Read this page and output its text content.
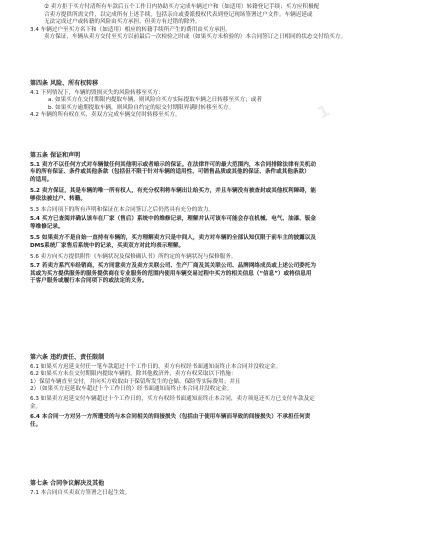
1

② 卖方拒于买方付清所有车款后五个工作日内协助买方完成车辆过户和（如适用）转籍登记手续；买方应积极配

合卖方提供所需文件，以完成所有上述手续，包括亲自或委派授权代表到登记现场签署过户文件。车辆迟延或

无法完成过户或转籍的风险由买方承担，但卖方有过错的除外。

3.4 车辆过户至买方名下和（如适用）相应的转籍手续所产生的费用由买方承担。

卖方保证，车辆从卖方交付至买方以前最后一次检验之时或（如果买方未检验的）本合同签订之日相同的状态交付给买方。

第四条 风险、所有权转移

4.1 下列情况下，车辆的毁损灭失的风险转移至买方：

a. 如果买方在交付期限内提取车辆，则风险自买方实际提取车辆之日转移至买方；或者

b. 如果买方逾期提取车辆，则风险自约定的原交付期限界满时转移至买方。

4.2 车辆的所有权在买、卖双方完成车辆交付时转移至买方。

第五条 保证和声明

5.1 卖方不以任何方式对车辆做任何其他明示或者暗示的保证。在法律许可的最大范围内，本合同排除法律有关机动

车的所有保证、条件或其他条款（包括但不限于针对车辆的适用性、可销售品质或其他的保证、条件或其他条款）

的适用。

5.2 卖方保证，其是车辆的唯一所有权人，有充分权利将车辆出让给买方，并且车辆没有被查封或其他权利障碍，能

够依法被过户、转籍。

5.3 本合同项下的所有声明和保证在本合同签订之后仍然具有充分的效力。

5.4 买方已查阅并确认该车在厂家（售后）系统中的维修记录，理解并认可该车可能会存在机械、电气、油漆、钣金

等维修记录。

5.5 如果卖方不是自始一直持有车辆的，买方理解卖方只是中间人，卖方对车辆的全部认知仅限于前车主的披露以及

DMS系统厂家售后系统中的记录，买卖双方对此均表示理解。

5.6 卖方向买方提供附件《车辆状况及保修确认书》所约定的车辆状况与保修服务。

5.7 若卖方系汽车经销商，买方同意卖方及卖方关联公司、生产厂商及其关联公司、品牌网络成员或上述公司委托为

其或为买方提供服务的服务提供商在专业服务的范围内使用车辆交易过程中买方的相关信息（“信息”）或将信息用

于客户服务或履行本合同项下的或法定的义务。

第六条 违约责任、责任限制

6.1 如果买方迟延支付任一笔车款超过十个工作日的，卖方有权经书面通知而终止本合同并没收定金。

6.2 如果买方未在交付期限内提取车辆的，除其他救济外，卖方有权采取以下措施：

1）保留车辆直至交付，并向买方收取由于保留所发生的仓储、保险等实际费用；并且

2）（如果买方迟延取车超过十个工作日的）经书面通知而终止本合同并没收定金。

6.3 如果卖方迟延交付车辆超过十个工作日的，买方有权经书面通知而终止本合同，卖方须返还买方已支付车款及定

金。

6.4 本合同一方对另一方所遭受的与本合同相关的间接损失（包括由于使用车辆而导致的间接损失）不承担任何责

任。

第七条 合同争议解决及其他

7.1 本合同自买卖双方签署之日起生效。
